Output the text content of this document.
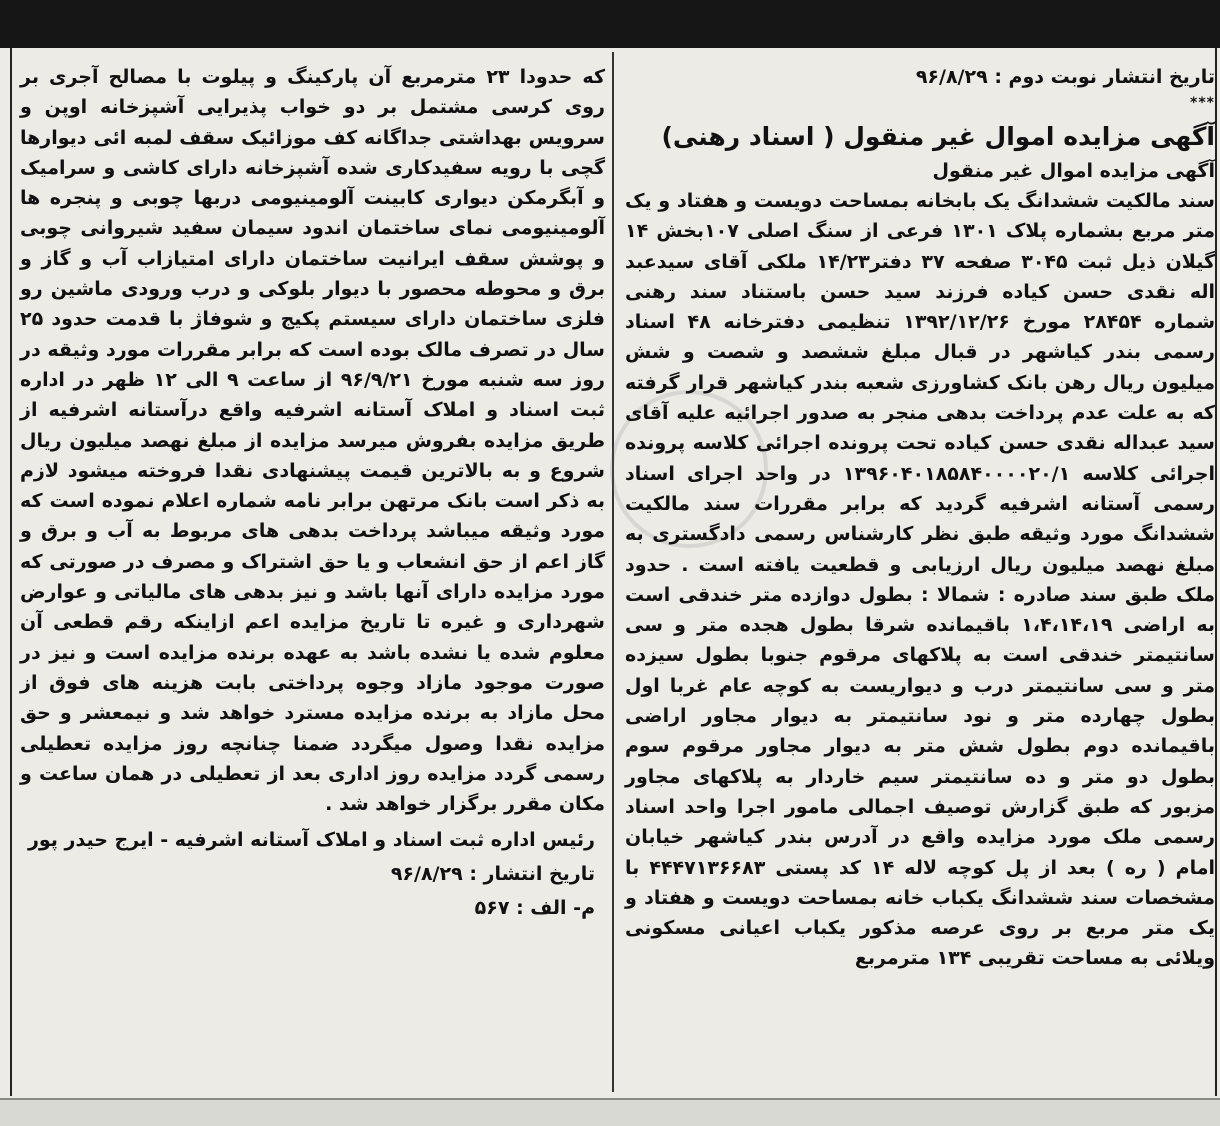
تاریخ انتشار نوبت دوم : ۹۶/۸/۲۹

***

آگهی مزایده اموال غیر منقول ( اسناد رهنی)

آگهی مزایده اموال غیر منقول

سند مالکیت ششدانگ یک بابخانه بمساحت دویست و هفتاد و یک متر مربع بشماره پلاک ۱۳۰۱ فرعی از سنگ اصلی ۱۰۷بخش ۱۴ گیلان ذیل ثبت ۳۰۴۵ صفحه ۳۷ دفتر۱۴/۲۳ ملکی آقای سیدعبد اله نقدی حسن کیاده فرزند سید حسن باستناد سند رهنی شماره ۲۸۴۵۴ مورخ ۱۳۹۲/۱۲/۲۶ تنظیمی دفترخانه ۴۸ اسناد رسمی بندر کیاشهر در قبال مبلغ ششصد و شصت و شش میلیون ریال رهن بانک کشاورزی شعبه بندر کیاشهر قرار گرفته که به علت عدم پرداخت بدهی منجر به صدور اجرائیه علیه آقای سید عبداله نقدی حسن کیاده تحت پرونده اجرائی کلاسه پرونده اجرائی کلاسه ۱۳۹۶۰۴۰۱۸۵۸۴۰۰۰۰۲۰/۱ در واحد اجرای اسناد رسمی آستانه اشرفیه گردید که برابر مقررات سند مالکیت ششدانگ مورد وثیقه طبق نظر کارشناس رسمی دادگستری به مبلغ نهصد میلیون ریال ارزیابی و قطعیت یافته است . حدود ملک طبق سند صادره : شمالا : بطول دوازده متر خندقی است به اراضی ۱،۴،۱۴،۱۹ باقیمانده شرقا بطول هجده متر و سی سانتیمتر خندقی است به پلاکهای مرقوم جنوبا بطول سیزده متر و سی سانتیمتر درب و دیواریست به کوچه عام غربا اول بطول چهارده متر و نود سانتیمتر به دیوار مجاور اراضی باقیمانده دوم بطول شش متر به دیوار مجاور مرقوم سوم بطول دو متر و ده سانتیمتر سیم خاردار به پلاکهای مجاور مزبور که طبق گزارش توصیف اجمالی مامور اجرا واحد اسناد رسمی ملک مورد مزایده واقع در آدرس بندر کیاشهر خیابان امام ( ره ) بعد از پل کوچه لاله ۱۴ کد پستی ۴۴۴۷۱۳۶۶۸۳ با مشخصات سند ششدانگ یکباب خانه بمساحت دویست و هفتاد و یک متر مربع بر روی عرصه مذکور یکباب اعیانی مسکونی ویلائی به مساحت تقریبی ۱۳۴ مترمربع

که حدودا ۲۳ مترمربع آن پارکینگ و پیلوت با مصالح آجری بر روی کرسی مشتمل بر دو خواب پذیرایی آشپزخانه اوپن و سرویس بهداشتی جداگانه کف موزائیک سقف لمبه ائی دیوارها گچی با رویه سفیدکاری شده آشپزخانه دارای کاشی و سرامیک و آبگرمکن دیواری کابینت آلومینیومی دربها چوبی و پنجره ها آلومینیومی نمای ساختمان اندود سیمان سفید شیروانی چوبی و پوشش سقف ایرانیت ساختمان دارای امتیازاب آب و گاز و برق و محوطه محصور با دیوار بلوکی و درب ورودی ماشین رو فلزی ساختمان دارای سیستم پکیج و شوفاژ با قدمت حدود ۲۵ سال در تصرف مالک بوده است که برابر مقررات مورد وثیقه در روز سه شنبه مورخ ۹۶/۹/۲۱ از ساعت ۹ الی ۱۲ ظهر در اداره ثبت اسناد و املاک آستانه اشرفیه واقع درآستانه اشرفیه از طریق مزایده بفروش میرسد مزایده از مبلغ نهصد میلیون ریال شروع و به بالاترین قیمت پیشنهادی نقدا فروخته میشود لازم به ذکر است بانک مرتهن برابر نامه شماره اعلام نموده است که مورد وثیقه میباشد پرداخت بدهی های مربوط به آب و برق و گاز اعم از حق انشعاب و یا حق اشتراک و مصرف در صورتی که مورد مزایده دارای آنها باشد و نیز بدهی های مالیاتی و عوارض شهرداری و غیره تا تاریخ مزایده اعم ازاینکه رقم قطعی آن معلوم شده یا نشده باشد به عهده برنده مزایده است و نیز در صورت موجود مازاد وجوه پرداختی بابت هزینه های فوق از محل مازاد به برنده مزایده مسترد خواهد شد و نیمعشر و حق مزایده نقدا وصول میگردد ضمنا چنانچه روز مزایده تعطیلی رسمی گردد مزایده روز اداری بعد از تعطیلی در همان ساعت و مکان مقرر برگزار خواهد شد .

رئیس اداره ثبت اسناد و املاک آستانه اشرفیه - ایرج حیدر پور

تاریخ انتشار : ۹۶/۸/۲۹

م- الف : ۵۶۷
